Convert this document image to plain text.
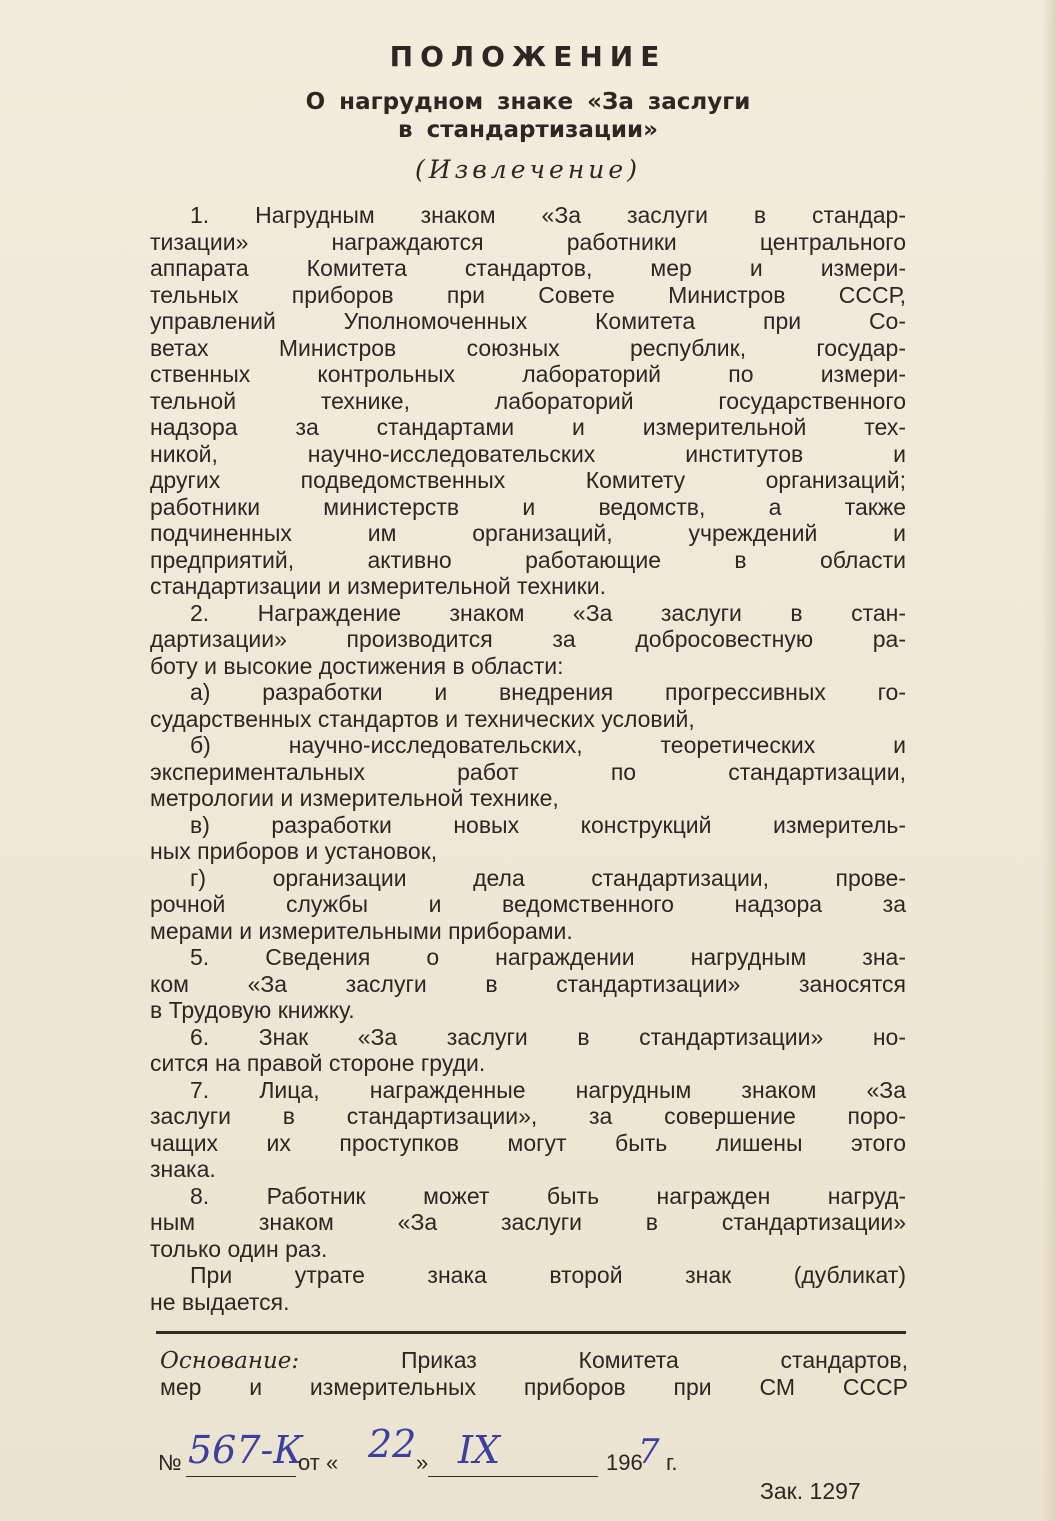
ПОЛОЖЕНИЕ
О нагрудном знаке «За заслуги
в стандартизации»
(Извлечение)
1. Нагрудным знаком «За заслуги в стандар-
тизации» награждаются работники центрального
аппарата Комитета стандартов, мер и измери-
тельных приборов при Совете Министров СССР,
управлений Уполномоченных Комитета при Со-
ветах Министров союзных республик, государ-
ственных контрольных лабораторий по измери-
тельной технике, лабораторий государственного
надзора за стандартами и измерительной тех-
никой, научно-исследовательских институтов и
других подведомственных Комитету организаций;
работники министерств и ведомств, а также
подчиненных им организаций, учреждений и
предприятий, активно работающие в области
стандартизации и измерительной техники.
2. Награждение знаком «За заслуги в стан-
дартизации» производится за добросовестную ра-
боту и высокие достижения в области:
а) разработки и внедрения прогрессивных го-
сударственных стандартов и технических условий,
б) научно-исследовательских, теоретических и
экспериментальных работ по стандартизации,
метрологии и измерительной технике,
в) разработки новых конструкций измеритель-
ных приборов и установок,
г) организации дела стандартизации, прове-
рочной службы и ведомственного надзора за
мерами и измерительными приборами.
5. Сведения о награждении нагрудным зна-
ком «За заслуги в стандартизации» заносятся
в Трудовую книжку.
6. Знак «За заслуги в стандартизации» но-
сится на правой стороне груди.
7. Лица, награжденные нагрудным знаком «За
заслуги в стандартизации», за совершение поро-
чащих их проступков могут быть лишены этого
знака.
8. Работник может быть награжден нагруд-
ным знаком «За заслуги в стандартизации»
только один раз.
При утрате знака второй знак (дубликат)
не выдается.
Основание:	Приказ Комитета стандартов,
мер и измерительных приборов при СМ СССР
№ 567-К
от « 22 » IX	196
7 г.
Зак. 1297
